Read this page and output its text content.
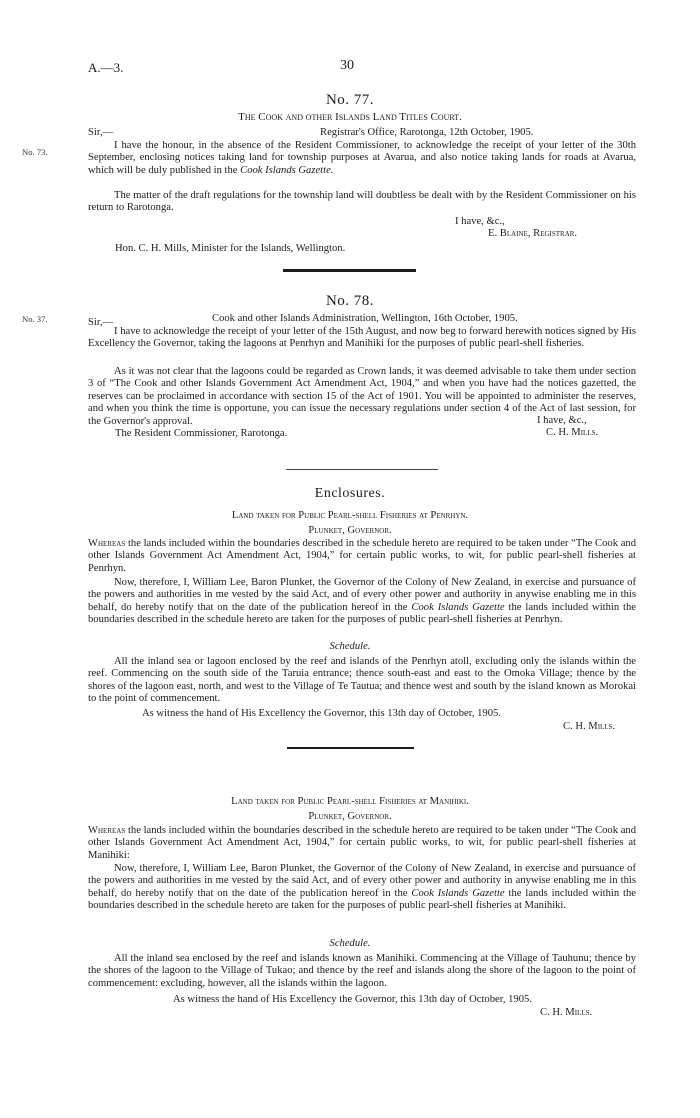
A.—3.	30
No. 77.
The Cook and other Islands Land Titles Court.
Sir,—	Registrar's Office, Rarotonga, 12th October, 1905.
No. 73.
I have the honour, in the absence of the Resident Commissioner, to acknowledge the receipt of your letter of the 30th September, enclosing notices taking land for township purposes at Avarua, and also notice taking lands for roads at Avarua, which will be duly published in the Cook Islands Gazette.
The matter of the draft regulations for the township land will doubtless be dealt with by the Resident Commissioner on his return to Rarotonga.
I have, &c.,
E. Blaine, Registrar.
Hon. C. H. Mills, Minister for the Islands, Wellington.
No. 78.
Sir,—	Cook and other Islands Administration, Wellington, 16th October, 1905.
No. 37.
I have to acknowledge the receipt of your letter of the 15th August, and now beg to forward herewith notices signed by His Excellency the Governor, taking the lagoons at Penrhyn and Manihiki for the purposes of public pearl-shell fisheries.
As it was not clear that the lagoons could be regarded as Crown lands, it was deemed advisable to take them under section 3 of “The Cook and other Islands Government Act Amendment Act, 1904,” and when you have had the notices gazetted, the reserves can be proclaimed in accordance with section 15 of the Act of 1901. You will be appointed to administer the reserves, and when you think the time is opportune, you can issue the necessary regulations under section 4 of the Act of last session, for the Governor's approval.	I have, &c.,
The Resident Commissioner, Rarotonga.	C. H. Mills.
Enclosures.
Land taken for Public Pearl-shell Fisheries at Penrhyn.
Plunket, Governor.
Whereas the lands included within the boundaries described in the schedule hereto are required to be taken under “The Cook and other Islands Government Act Amendment Act, 1904,” for certain public works, to wit, for public pearl-shell fisheries at Penrhyn.
Now, therefore, I, William Lee, Baron Plunket, the Governor of the Colony of New Zealand, in exercise and pursuance of the powers and authorities in me vested by the said Act, and of every other power and authority in anywise enabling me in this behalf, do hereby notify that on the date of the publication hereof in the Cook Islands Gazette the lands included within the boundaries described in the schedule hereto are taken for the purposes of public pearl-shell fisheries at Penrhyn.
Schedule.
All the inland sea or lagoon enclosed by the reef and islands of the Penrhyn atoll, excluding only the islands within the reef. Commencing on the south side of the Taruia entrance; thence south-east and east to the Omoka Village; thence by the shores of the lagoon east, north, and west to the Village of Te Tautua; and thence west and south by the island known as Morokai to the point of commencement.
As witness the hand of His Excellency the Governor, this 13th day of October, 1905.
C. H. Mills.
Land taken for Public Pearl-shell Fisheries at Manihiki.
Plunket, Governor.
Whereas the lands included within the boundaries described in the schedule hereto are required to be taken under “The Cook and other Islands Government Act Amendment Act, 1904,” for certain public works, to wit, for public pearl-shell fisheries at Manihiki:
Now, therefore, I, William Lee, Baron Plunket, the Governor of the Colony of New Zealand, in exercise and pursuance of the powers and authorities in me vested by the said Act, and of every other power and authority in anywise enabling me in this behalf, do hereby notify that on the date of the publication hereof in the Cook Islands Gazette the lands included within the boundaries described in the schedule hereto are taken for the purposes of public pearl-shell fisheries at Manihiki.
Schedule.
All the inland sea enclosed by the reef and islands known as Manihiki. Commencing at the Village of Tauhunu; thence by the shores of the lagoon to the Village of Tukao; and thence by the reef and islands along the shore of the lagoon to the point of commencement: excluding, however, all the islands within the lagoon.
As witness the hand of His Excellency the Governor, this 13th day of October, 1905.
C. H. Mills.
